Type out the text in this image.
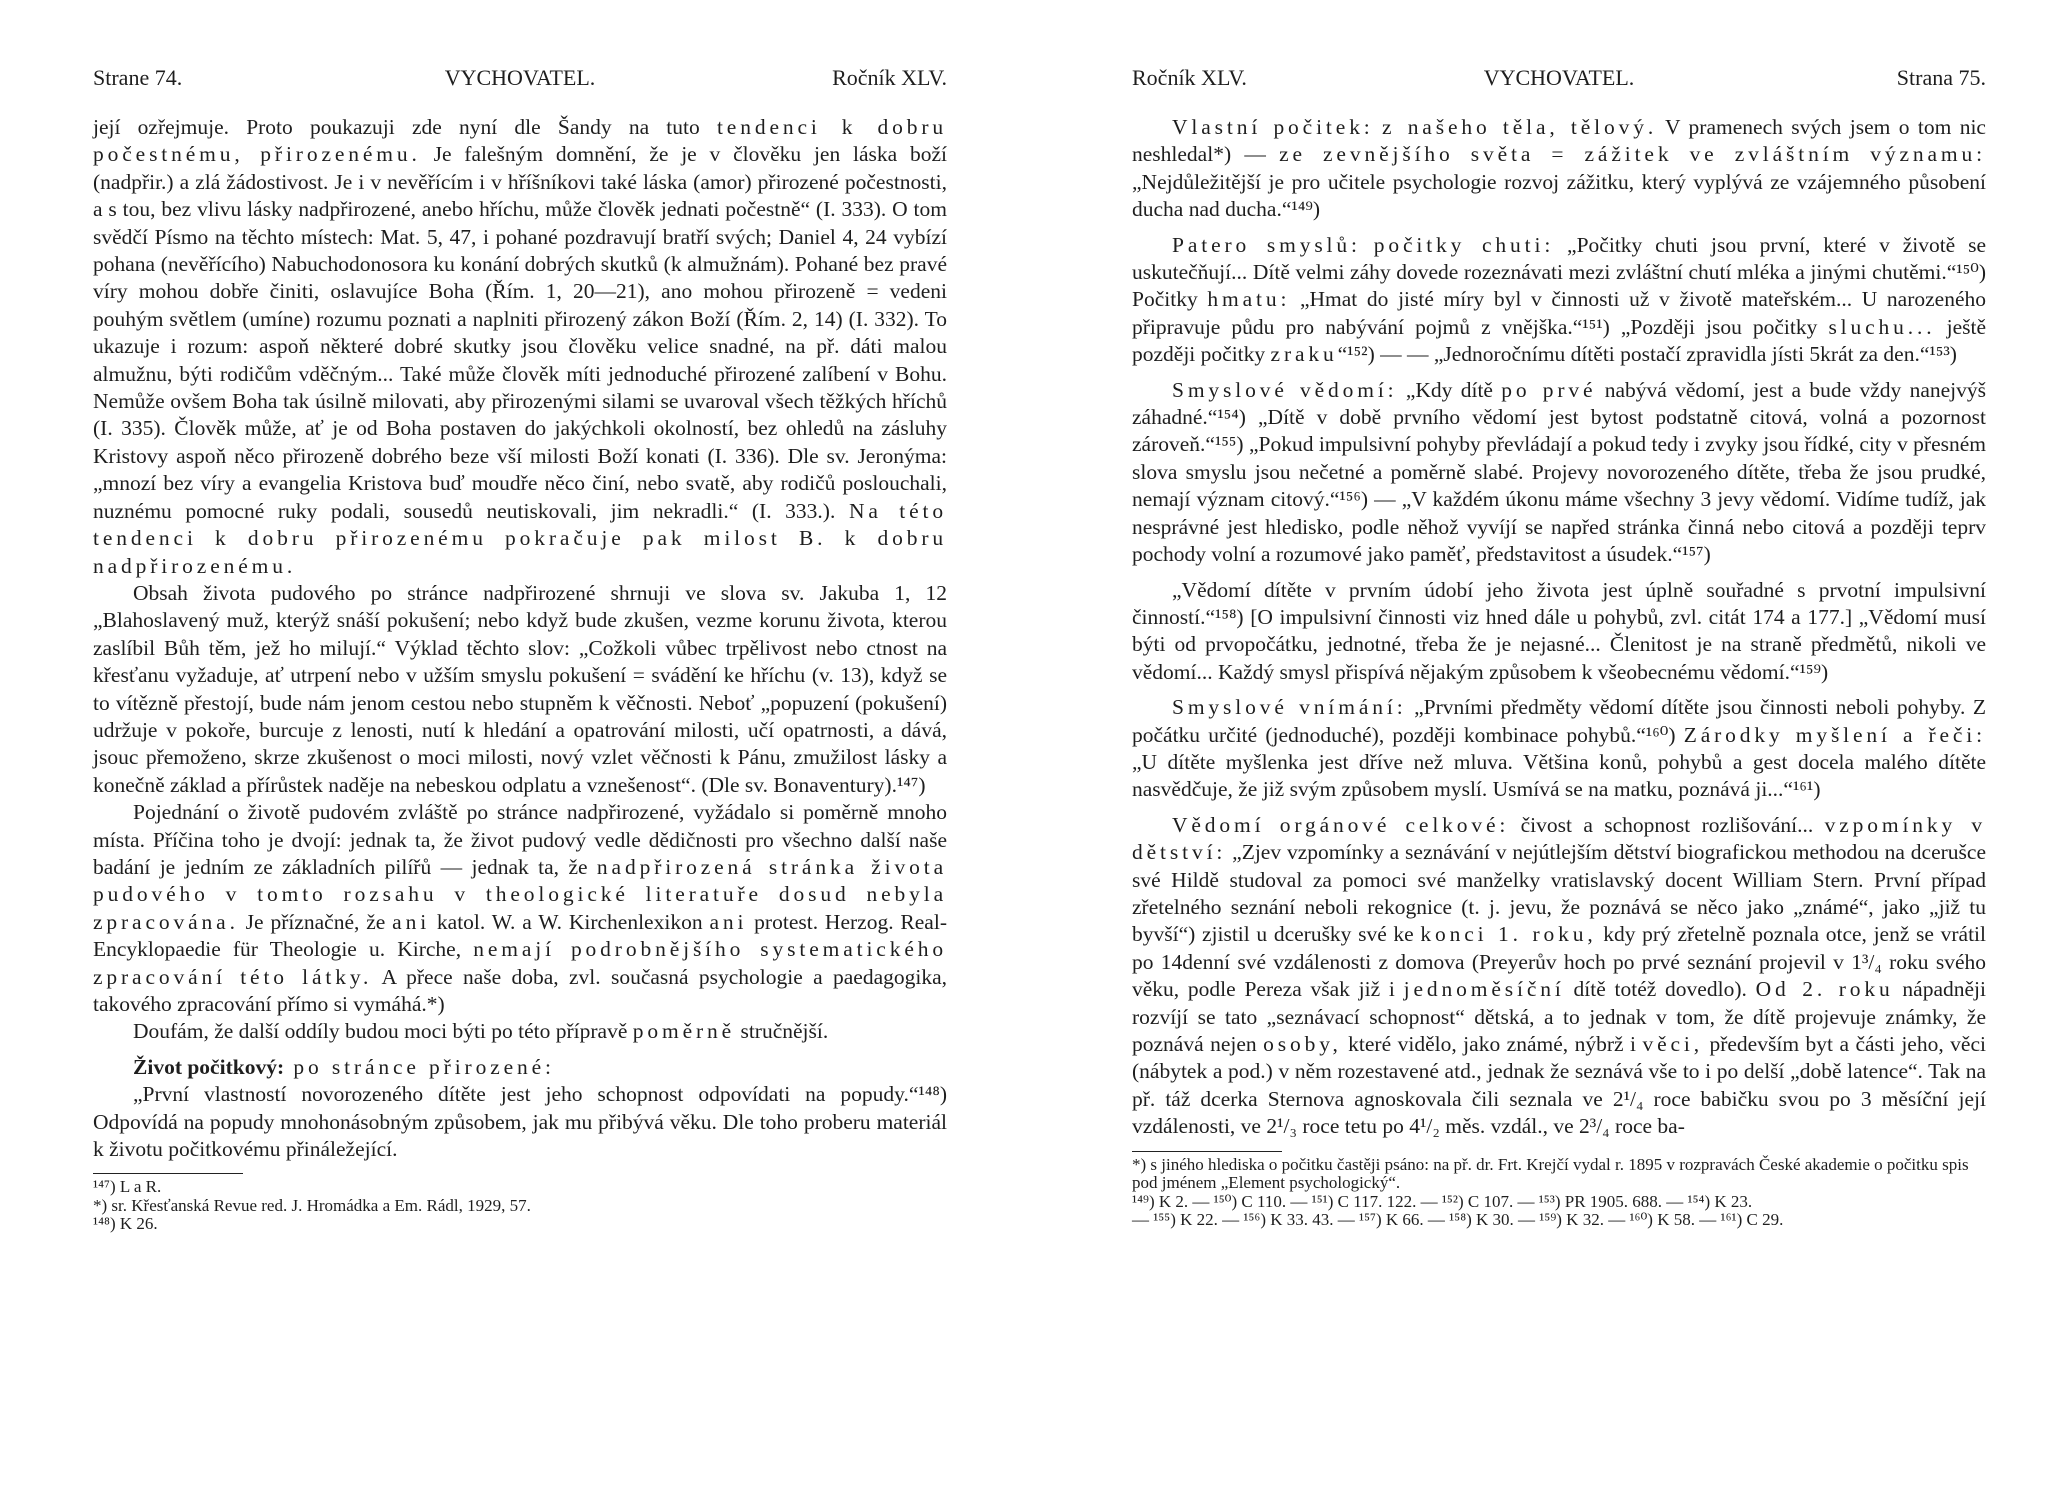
Strane 74.	VYCHOVATEL.	Ročník XLV.

její ozřejmuje. Proto poukazuji zde nyní dle Šandy na tuto tendenci k dobru počestnému, přirozenému. Je falešným domnění, že je v člověku jen láska boží (nadpřir.) a zlá žádostivost. Je i v nevěřícím i v hříšníkovi také láska (amor) přirozené počestnosti, a s tou, bez vlivu lásky nadpřirozené, anebo hříchu, může člověk jednati počestně“ (I. 333). O tom svědčí Písmo na těchto místech: Mat. 5, 47, i pohané pozdravují bratří svých; Daniel 4, 24 vybízí pohana (nevěřícího) Nabuchodonosora ku konání dobrých skutků (k almužnám). Pohané bez pravé víry mohou dobře činiti, oslavujíce Boha (Řím. 1, 20—21), ano mohou přirozeně = vedeni pouhým světlem (umíne) rozumu poznati a naplniti přirozený zákon Boží (Řím. 2, 14) (I. 332). To ukazuje i rozum: aspoň některé dobré skutky jsou člověku velice snadné, na př. dáti malou almužnu, býti rodičům vděčným... Také může člověk míti jednoduché přirozené zalíbení v Bohu. Nemůže ovšem Boha tak úsilně milovati, aby přirozenými silami se uvaroval všech těžkých hříchů (I. 335). Člověk může, ať je od Boha postaven do jakýchkoli okolností, bez ohledů na zásluhy Kristovy aspoň něco přirozeně dobrého beze vší milosti Boží konati (I. 336). Dle sv. Jeronýma: „mnozí bez víry a evangelia Kristova buď moudře něco činí, nebo svatě, aby rodičů poslouchali, nuznému pomocné ruky podali, sousedů neutiskovali, jim nekradli.“ (I. 333.). Na této tendenci k dobru přirozenému pokračuje pak milost B. k dobru nadpřirozenému.

Obsah života pudového po stránce nadpřirozené shrnuji ve slova sv. Jakuba 1, 12 „Blahoslavený muž, kterýž snáší pokušení; nebo když bude zkušen, vezme korunu života, kterou zaslíbil Bůh těm, jež ho milují.“ Výklad těchto slov: „Cožkoli vůbec trpělivost nebo ctnost na křesťanu vyžaduje, ať utrpení nebo v užším smyslu pokušení = svádění ke hříchu (v. 13), když se to vítězně přestojí, bude nám jenom cestou nebo stupněm k věčnosti. Neboť „popuzení (pokušení) udržuje v pokoře, burcuje z lenosti, nutí k hledání a opatrování milosti, učí opatrnosti, a dává, jsouc přemoženo, skrze zkušenost o moci milosti, nový vzlet věčnosti k Pánu, zmužilost lásky a konečně základ a přírůstek naděje na nebeskou odplatu a vznešenost“. (Dle sv. Bonaventury).¹⁴⁷)

Pojednání o životě pudovém zvláště po stránce nadpřirozené, vyžádalo si poměrně mnoho místa. Příčina toho je dvojí: jednak ta, že život pudový vedle dědičnosti pro všechno další naše badání je jedním ze základních pilířů — jednak ta, že nadpřirozená stránka života pudového v tomto rozsahu v theologické literatuře dosud nebyla zpracována. Je příznačné, že ani katol. W. a W. Kirchenlexikon ani protest. Herzog. Real-Encyklopaedie für Theologie u. Kirche, nemají podrobnějšího systematického zpracování této látky. A přece naše doba, zvl. současná psychologie a paedagogika, takového zpracování přímo si vymáhá.*)

Doufám, že další oddíly budou moci býti po této přípravě poměrně stručnější.

Život počitkový: po stránce přirozené:

„První vlastností novorozeného dítěte jest jeho schopnost odpovídati na popudy.“¹⁴⁸) Odpovídá na popudy mnohonásobným způsobem, jak mu přibývá věku. Dle toho proberu materiál k životu počitkovému přináležející.

¹⁴⁷) L a R.

*) sr. Křesťanská Revue red. J. Hromádka a Em. Rádl, 1929, 57.

¹⁴⁸) K 26.

Ročník XLV.	VYCHOVATEL.	Strana 75.

Vlastní počitek: z našeho těla, tělový. V pramenech svých jsem o tom nic neshledal*) — ze zevnějšího světa = zážitek ve zvláštním významu: „Nejdůležitější je pro učitele psychologie rozvoj zážitku, který vyplývá ze vzájemného působení ducha nad ducha.“¹⁴⁹)

Patero smyslů: počitky chuti: „Počitky chuti jsou první, které v životě se uskutečňují... Dítě velmi záhy dovede rozeznávati mezi zvláštní chutí mléka a jinými chutěmi.“¹⁵⁰) Počitky hmatu: „Hmat do jisté míry byl v činnosti už v životě mateřském... U narozeného připravuje půdu pro nabývání pojmů z vnějška.“¹⁵¹) „Později jsou počitky sluchu... ještě později počitky zraku“¹⁵²) — — „Jednoročnímu dítěti postačí zpravidla jísti 5krát za den.“¹⁵³)

Smyslové vědomí: „Kdy dítě po prvé nabývá vědomí, jest a bude vždy nanejvýš záhadné.“¹⁵⁴) „Dítě v době prvního vědomí jest bytost podstatně citová, volná a pozornost zároveň.“¹⁵⁵) „Pokud impulsivní pohyby převládají a pokud tedy i zvyky jsou řídké, city v přesném slova smyslu jsou nečetné a poměrně slabé. Projevy novorozeného dítěte, třeba že jsou prudké, nemají význam citový.“¹⁵⁶) — „V každém úkonu máme všechny 3 jevy vědomí. Vidíme tudíž, jak nesprávné jest hledisko, podle něhož vyvíjí se napřed stránka činná nebo citová a později teprv pochody volní a rozumové jako paměť, představitost a úsudek.“¹⁵⁷)

„Vědomí dítěte v prvním údobí jeho života jest úplně souřadné s prvotní impulsivní činností.“¹⁵⁸) [O impulsivní činnosti viz hned dále u pohybů, zvl. citát 174 a 177.] „Vědomí musí býti od prvopočátku, jednotné, třeba že je nejasné... Členitost je na straně předmětů, nikoli ve vědomí... Každý smysl přispívá nějakým způsobem k všeobecnému vědomí.“¹⁵⁹)

Smyslové vnímání: „Prvními předměty vědomí dítěte jsou činnosti neboli pohyby. Z počátku určité (jednoduché), později kombinace pohybů.“¹⁶⁰) Zárodky myšlení a řeči: „U dítěte myšlenka jest dříve než mluva. Většina konů, pohybů a gest docela malého dítěte nasvědčuje, že již svým způsobem myslí. Usmívá se na matku, poznává ji...“¹⁶¹)

Vědomí orgánové celkové: čivost a schopnost rozlišování... vzpomínky v dětství: „Zjev vzpomínky a seznávání v nejútlejším dětství biografickou methodou na dcerušce své Hildě studoval za pomoci své manželky vratislavský docent William Stern. První případ zřetelného seznání neboli rekognice (t. j. jevu, že poznává se něco jako „známé“, jako „již tu byvší“) zjistil u dcerušky své ke konci 1. roku, kdy prý zřetelně poznala otce, jenž se vrátil po 14denní své vzdálenosti z domova (Preyerův hoch po prvé seznání projevil v 1³/₄ roku svého věku, podle Pereza však již i jednoměsíční dítě totéž dovedlo). Od 2. roku nápadněji rozvíjí se tato „seznávací schopnost“ dětská, a to jednak v tom, že dítě projevuje známky, že poznává nejen osoby, které vidělo, jako známé, nýbrž i věci, především byt a části jeho, věci (nábytek a pod.) v něm rozestavené atd., jednak že seznává vše to i po delší „době latence“. Tak na př. táž dcerka Sternova agnoskovala čili seznala ve 2¹/₄ roce babičku svou po 3 měsíční její vzdálenosti, ve 2¹/₃ roce tetu po 4¹/₂ měs. vzdál., ve 2³/₄ roce ba-

*) s jiného hlediska o počitku častěji psáno: na př. dr. Frt. Krejčí vydal r. 1895 v rozpravách České akademie o počitku spis pod jménem „Element psychologický“.

¹⁴⁹) K 2. — ¹⁵⁰) C 110. — ¹⁵¹) C 117. 122. — ¹⁵²) C 107. — ¹⁵³) PR 1905. 688. — ¹⁵⁴) K 23.

— ¹⁵⁵) K 22. — ¹⁵⁶) K 33. 43. — ¹⁵⁷) K 66. — ¹⁵⁸) K 30. — ¹⁵⁹) K 32. — ¹⁶⁰) K 58. — ¹⁶¹) C 29.
